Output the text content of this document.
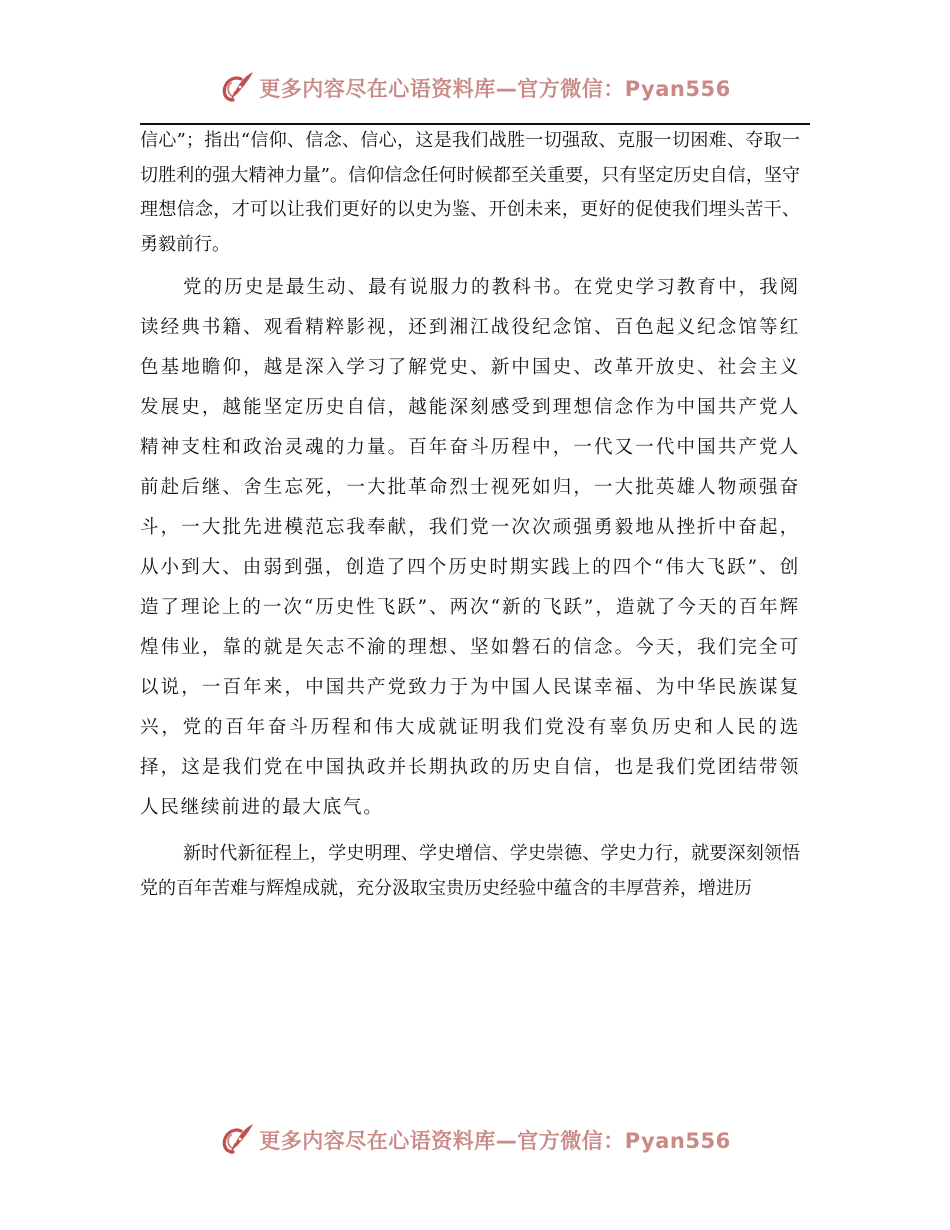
更多内容尽在心语资料库—官方微信：Pyan556

信心”；指出“信仰、信念、信心，这是我们战胜一切强敌、克服一切困难、夺取一切胜利的强大精神力量”。信仰信念任何时候都至关重要，只有坚定历史自信，坚守理想信念，才可以让我们更好的以史为鉴、开创未来，更好的促使我们埋头苦干、勇毅前行。

党的历史是最生动、最有说服力的教科书。在党史学习教育中，我阅读经典书籍、观看精粹影视，还到湘江战役纪念馆、百色起义纪念馆等红色基地瞻仰，越是深入学习了解党史、新中国史、改革开放史、社会主义发展史，越能坚定历史自信，越能深刻感受到理想信念作为中国共产党人精神支柱和政治灵魂的力量。百年奋斗历程中，一代又一代中国共产党人前赴后继、舍生忘死，一大批革命烈士视死如归，一大批英雄人物顽强奋斗，一大批先进模范忘我奉献，我们党一次次顽强勇毅地从挫折中奋起，从小到大、由弱到强，创造了四个历史时期实践上的四个“伟大飞跃”、创造了理论上的一次“历史性飞跃”、两次“新的飞跃”，造就了今天的百年辉煌伟业，靠的就是矢志不渝的理想、坚如磐石的信念。今天，我们完全可以说，一百年来，中国共产党致力于为中国人民谋幸福、为中华民族谋复兴，党的百年奋斗历程和伟大成就证明我们党没有辜负历史和人民的选择，这是我们党在中国执政并长期执政的历史自信，也是我们党团结带领人民继续前进的最大底气。

新时代新征程上，学史明理、学史增信、学史崇德、学史力行，就要深刻领悟党的百年苦难与辉煌成就，充分汲取宝贵历史经验中蕴含的丰厚营养，增进历

更多内容尽在心语资料库—官方微信：Pyan556
